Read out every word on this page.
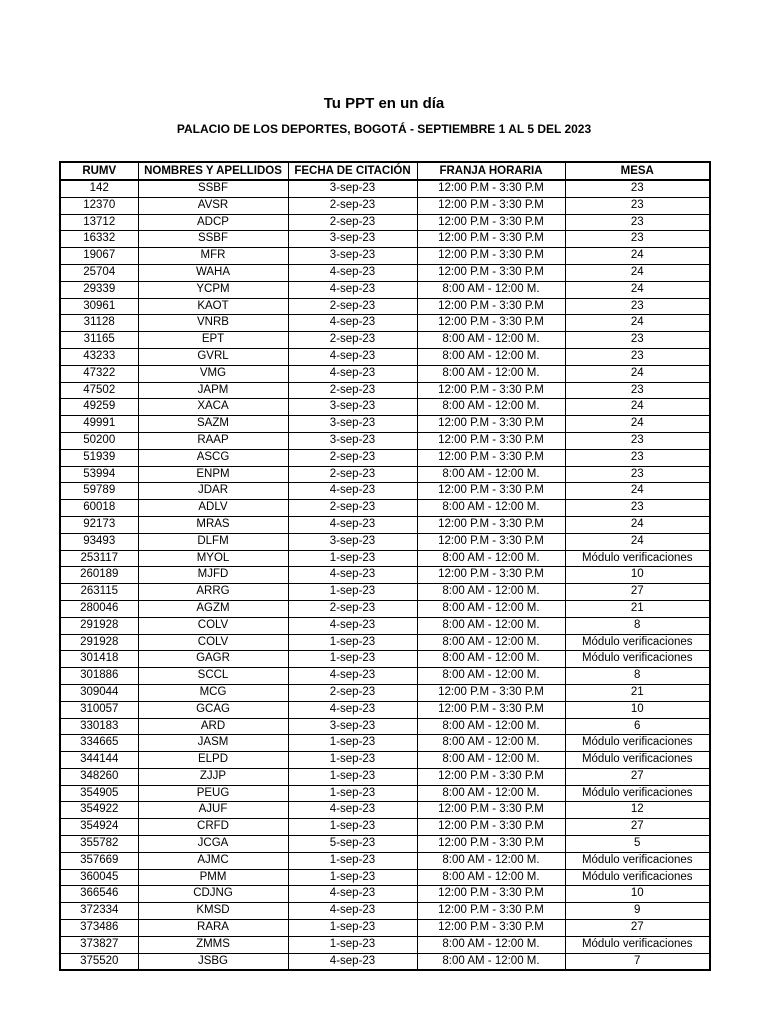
Tu PPT en un día
PALACIO DE LOS DEPORTES, BOGOTÁ - SEPTIEMBRE 1 AL 5 DEL 2023
RUMV	NOMBRES Y APELLIDOS	FECHA DE CITACIÓN	FRANJA HORARIA	MESA
142	SSBF	3-sep-23	12:00 P.M - 3:30 P.M	23
12370	AVSR	2-sep-23	12:00 P.M - 3:30 P.M	23
13712	ADCP	2-sep-23	12:00 P.M - 3:30 P.M	23
16332	SSBF	3-sep-23	12:00 P.M - 3:30 P.M	23
19067	MFR	3-sep-23	12:00 P.M - 3:30 P.M	24
25704	WAHA	4-sep-23	12:00 P.M - 3:30 P.M	24
29339	YCPM	4-sep-23	8:00 AM - 12:00 M.	24
30961	KAOT	2-sep-23	12:00 P.M - 3:30 P.M	23
31128	VNRB	4-sep-23	12:00 P.M - 3:30 P.M	24
31165	EPT	2-sep-23	8:00 AM - 12:00 M.	23
43233	GVRL	4-sep-23	8:00 AM - 12:00 M.	23
47322	VMG	4-sep-23	8:00 AM - 12:00 M.	24
47502	JAPM	2-sep-23	12:00 P.M - 3:30 P.M	23
49259	XACA	3-sep-23	8:00 AM - 12:00 M.	24
49991	SAZM	3-sep-23	12:00 P.M - 3:30 P.M	24
50200	RAAP	3-sep-23	12:00 P.M - 3:30 P.M	23
51939	ASCG	2-sep-23	12:00 P.M - 3:30 P.M	23
53994	ENPM	2-sep-23	8:00 AM - 12:00 M.	23
59789	JDAR	4-sep-23	12:00 P.M - 3:30 P.M	24
60018	ADLV	2-sep-23	8:00 AM - 12:00 M.	23
92173	MRAS	4-sep-23	12:00 P.M - 3:30 P.M	24
93493	DLFM	3-sep-23	12:00 P.M - 3:30 P.M	24
253117	MYOL	1-sep-23	8:00 AM - 12:00 M.	Módulo verificaciones
260189	MJFD	4-sep-23	12:00 P.M - 3:30 P.M	10
263115	ARRG	1-sep-23	8:00 AM - 12:00 M.	27
280046	AGZM	2-sep-23	8:00 AM - 12:00 M.	21
291928	COLV	4-sep-23	8:00 AM - 12:00 M.	8
291928	COLV	1-sep-23	8:00 AM - 12:00 M.	Módulo verificaciones
301418	GAGR	1-sep-23	8:00 AM - 12:00 M.	Módulo verificaciones
301886	SCCL	4-sep-23	8:00 AM - 12:00 M.	8
309044	MCG	2-sep-23	12:00 P.M - 3:30 P.M	21
310057	GCAG	4-sep-23	12:00 P.M - 3:30 P.M	10
330183	ARD	3-sep-23	8:00 AM - 12:00 M.	6
334665	JASM	1-sep-23	8:00 AM - 12:00 M.	Módulo verificaciones
344144	ELPD	1-sep-23	8:00 AM - 12:00 M.	Módulo verificaciones
348260	ZJJP	1-sep-23	12:00 P.M - 3:30 P.M	27
354905	PEUG	1-sep-23	8:00 AM - 12:00 M.	Módulo verificaciones
354922	AJUF	4-sep-23	12:00 P.M - 3:30 P.M	12
354924	CRFD	1-sep-23	12:00 P.M - 3:30 P.M	27
355782	JCGA	5-sep-23	12:00 P.M - 3:30 P.M	5
357669	AJMC	1-sep-23	8:00 AM - 12:00 M.	Módulo verificaciones
360045	PMM	1-sep-23	8:00 AM - 12:00 M.	Módulo verificaciones
366546	CDJNG	4-sep-23	12:00 P.M - 3:30 P.M	10
372334	KMSD	4-sep-23	12:00 P.M - 3:30 P.M	9
373486	RARA	1-sep-23	12:00 P.M - 3:30 P.M	27
373827	ZMMS	1-sep-23	8:00 AM - 12:00 M.	Módulo verificaciones
375520	JSBG	4-sep-23	8:00 AM - 12:00 M.	7
